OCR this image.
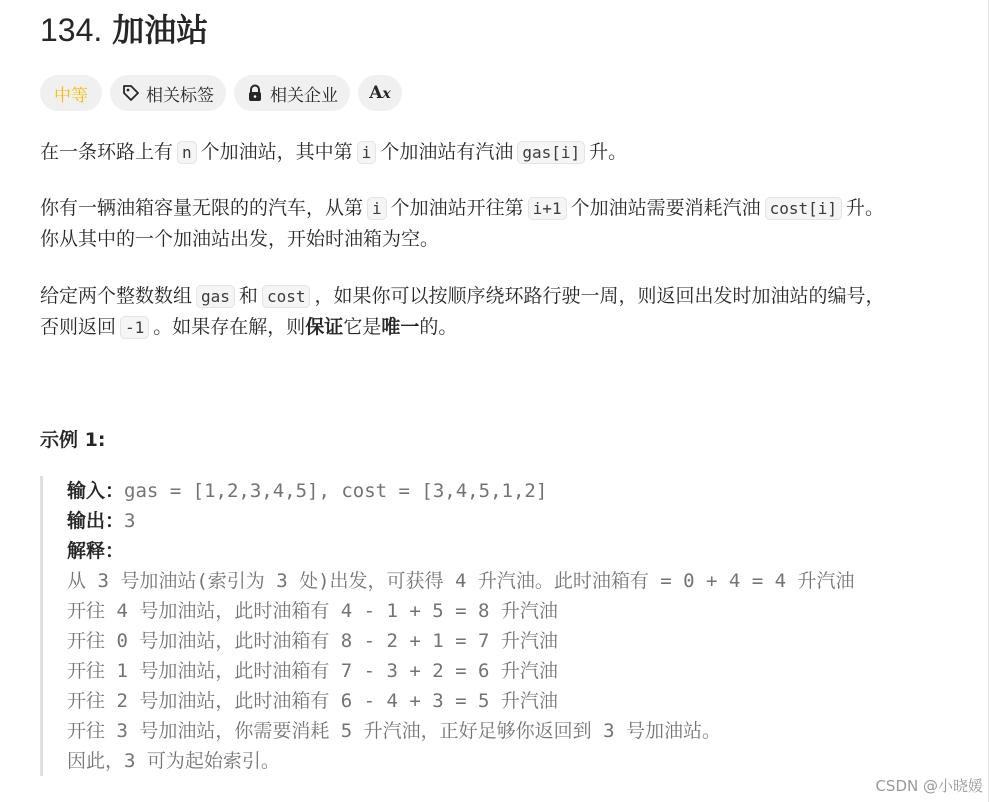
134. 加油站
中等	相关标签	相关企业 Ax
在一条环路上有 n 个加油站，其中第 i 个加油站有汽油 gas[i] 升。
你有一辆油箱容量无限的的汽车，从第 i 个加油站开往第 i+1 个加油站需要消耗汽油 cost[i] 升。
你从其中的一个加油站出发，开始时油箱为空。
给定两个整数数组 gas 和 cost ，如果你可以按顺序绕环路行驶一周，则返回出发时加油站的编号，
否则返回 -1 。如果存在解，则保证它是唯一的。
示例 1:
输入：gas = [1,2,3,4,5], cost = [3,4,5,1,2]
输出：3
解释：
从 3 号加油站(索引为 3 处)出发，可获得 4 升汽油。此时油箱有 = 0 + 4 = 4 升汽油
开往 4 号加油站，此时油箱有 4 - 1 + 5 = 8 升汽油
开往 0 号加油站，此时油箱有 8 - 2 + 1 = 7 升汽油
开往 1 号加油站，此时油箱有 7 - 3 + 2 = 6 升汽油
开往 2 号加油站，此时油箱有 6 - 4 + 3 = 5 升汽油
开往 3 号加油站，你需要消耗 5 升汽油，正好足够你返回到 3 号加油站。
因此，3 可为起始索引。
CSDN @小晓媛
